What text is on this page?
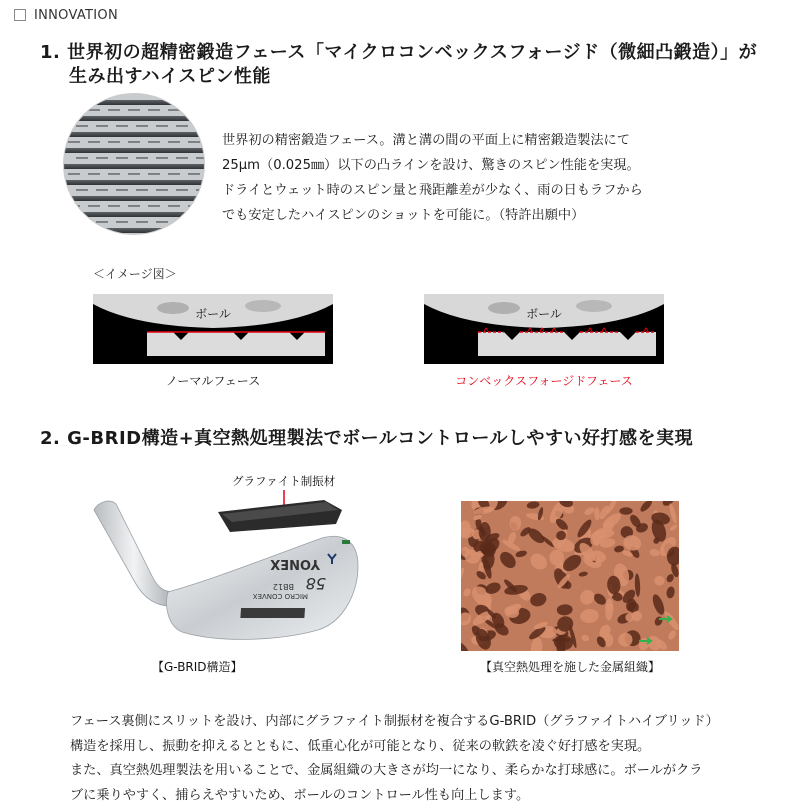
INNOVATION
1. 世界初の超精密鍛造フェース「マイクロコンベックスフォージド（微細凸鍛造）」が
生み出すハイスピン性能
＜イメージ図＞
世界初の精密鍛造フェース。溝と溝の間の平面上に精密鍛造製法にて
25μm（0.025㎜）以下の凸ラインを設け、驚きのスピン性能を実現。
ドライとウェット時のスピン量と飛距離差が少なく、雨の日もラフから
でも安定したハイスピンのショットを可能に。（特許出願中）
ボール
ノーマルフェース
ボール
コンベックスフォージドフェース
2. G-BRID構造+真空熱処理製法でボールコントロールしやすい好打感を実現
グラファイト制振材
YONEX
58
BB12
MICRO CONVEX
【G-BRID構造】	【真空熱処理を施した金属組織】
フェース裏側にスリットを設け、内部にグラファイト制振材を複合するG-BRID（グラファイトハイブリッド）
構造を採用し、振動を抑えるとともに、低重心化が可能となり、従来の軟鉄を凌ぐ好打感を実現。
また、真空熱処理製法を用いることで、金属組織の大きさが均一になり、柔らかな打球感に。ボールがクラ
ブに乗りやすく、捕らえやすいため、ボールのコントロール性も向上します。
